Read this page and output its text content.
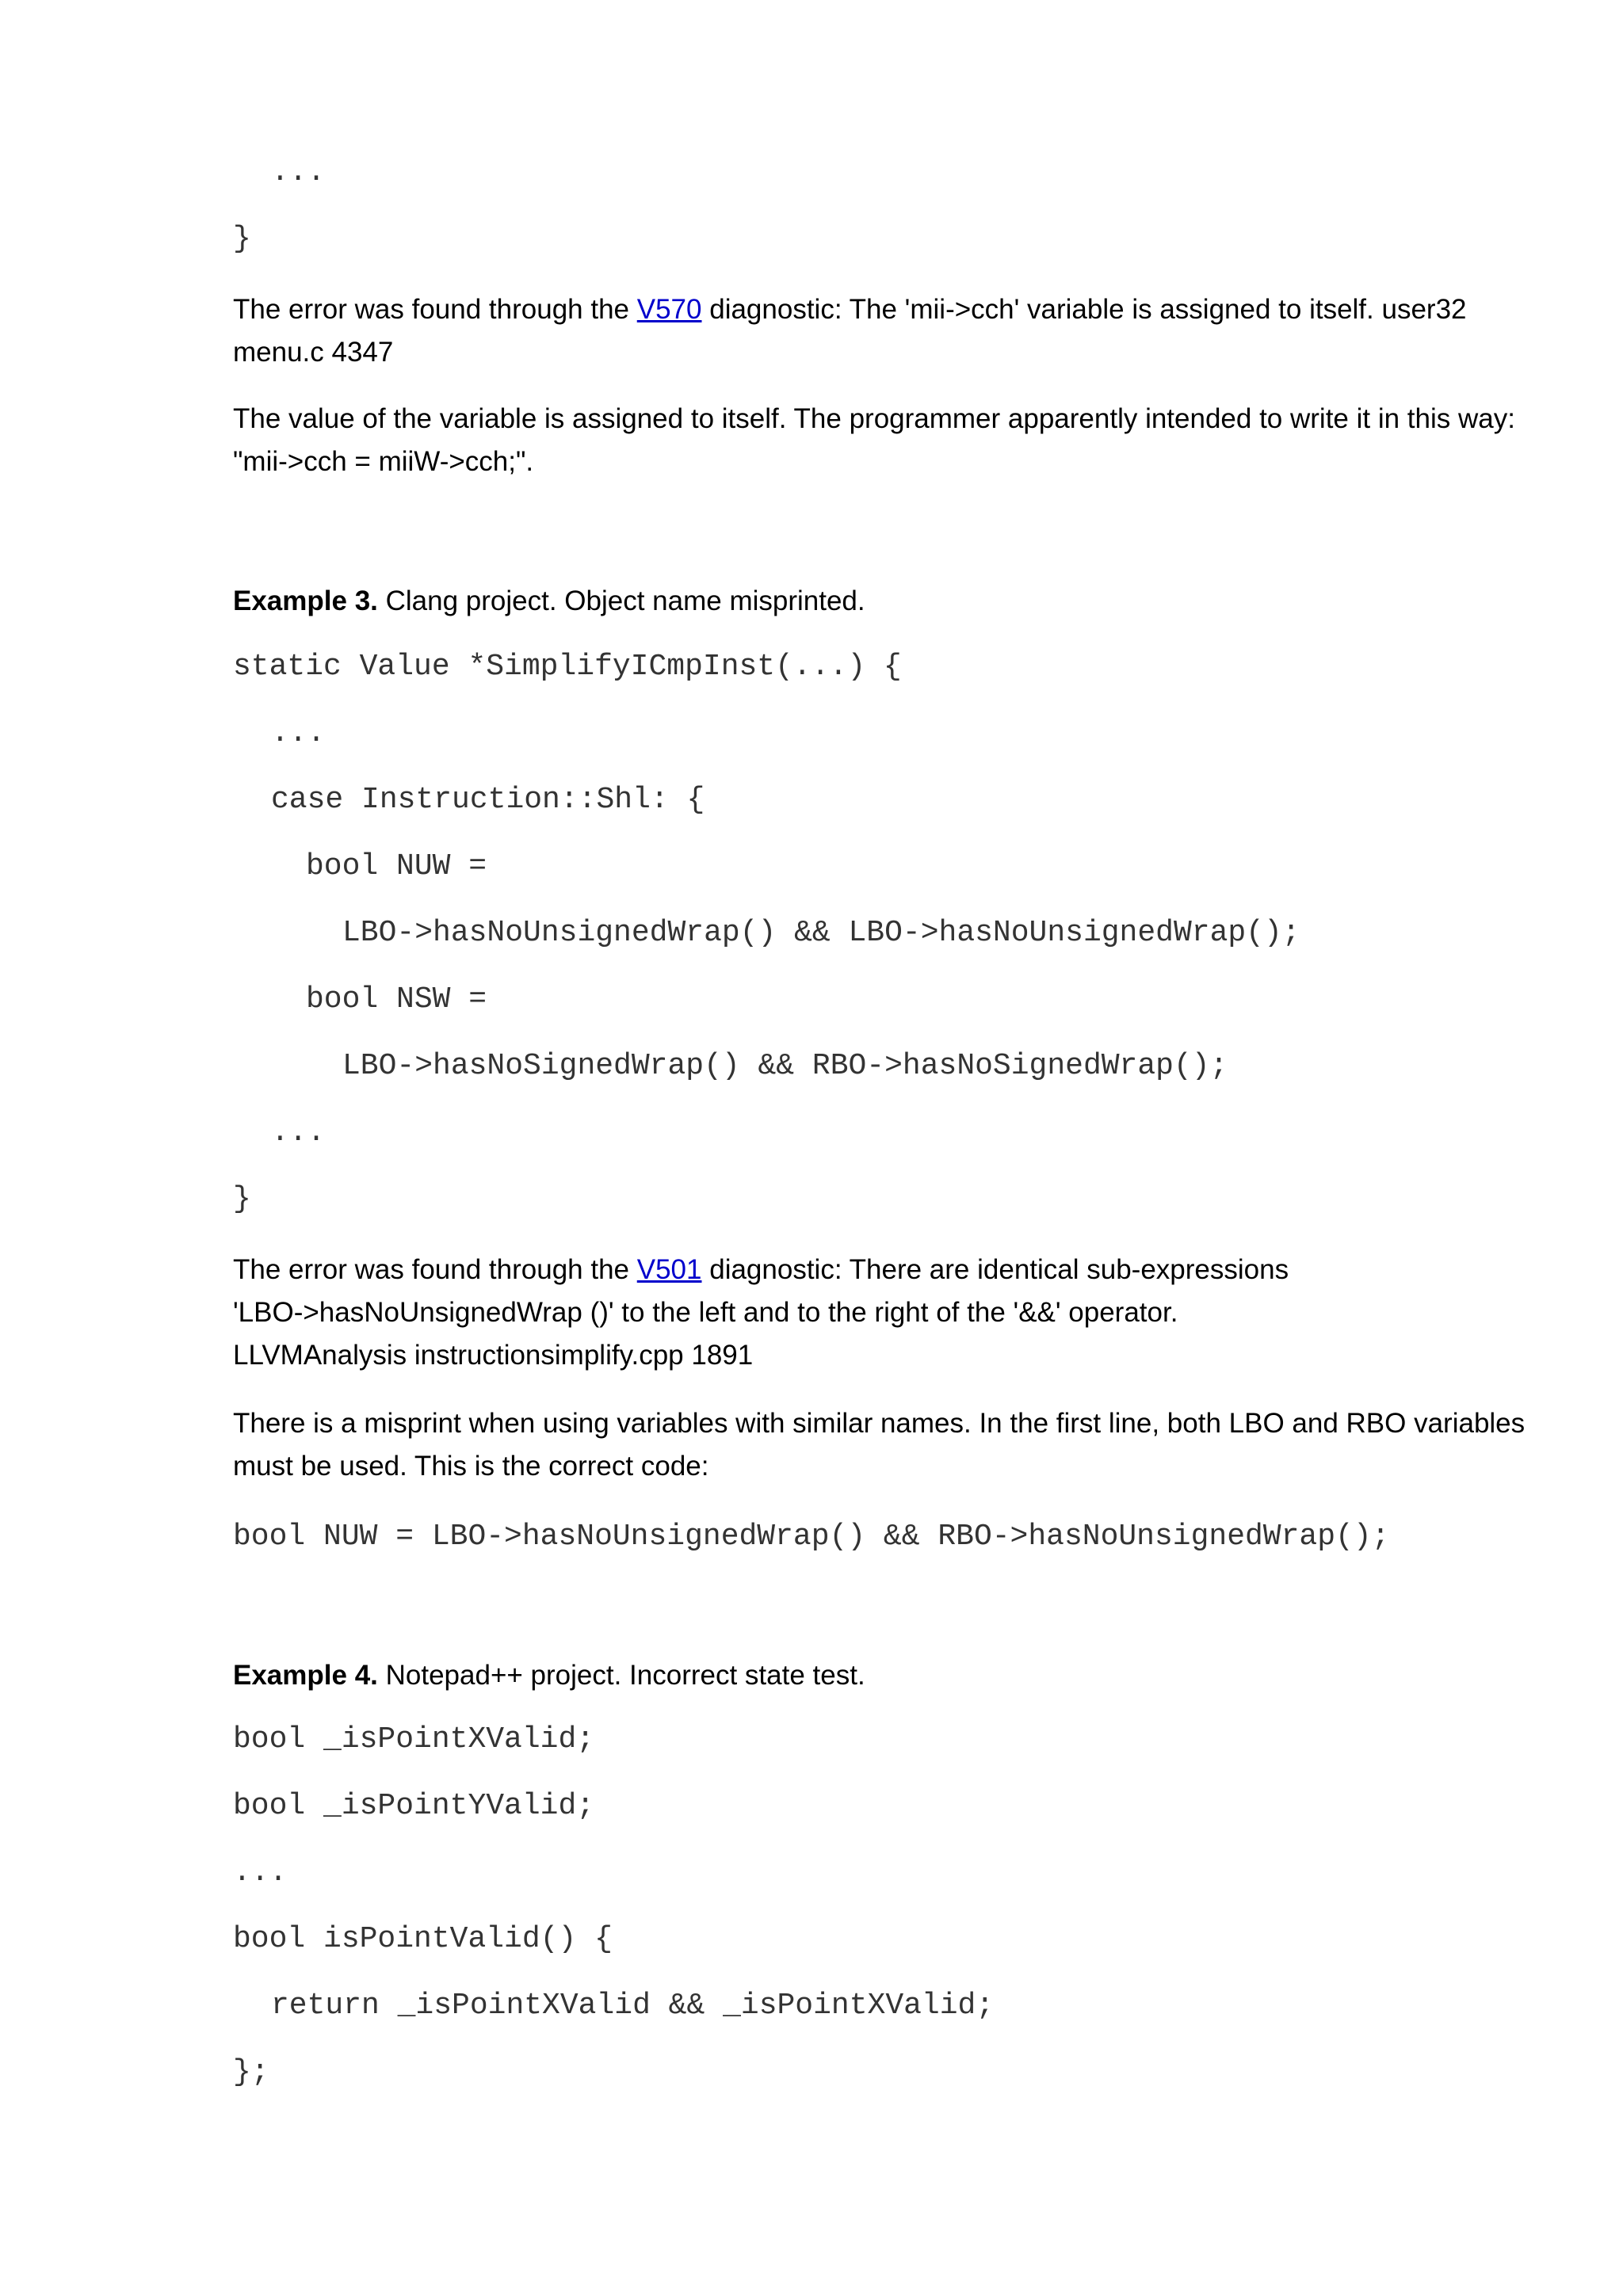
...
}

The error was found through the V570 diagnostic: The 'mii->cch' variable is assigned to itself. user32 menu.c 4347

The value of the variable is assigned to itself. The programmer apparently intended to write it in this way: "mii->cch = miiW->cch;".

Example 3. Clang project. Object name misprinted.

static Value *SimplifyICmpInst(...) {
...
case Instruction::Shl: {
bool NUW =
LBO->hasNoUnsignedWrap() && LBO->hasNoUnsignedWrap();
bool NSW =
LBO->hasNoSignedWrap() && RBO->hasNoSignedWrap();
...
}

The error was found through the V501 diagnostic: There are identical sub-expressions 'LBO->hasNoUnsignedWrap ()' to the left and to the right of the '&&' operator. LLVMAnalysis instructionsimplify.cpp 1891

There is a misprint when using variables with similar names. In the first line, both LBO and RBO variables must be used. This is the correct code:

bool NUW = LBO->hasNoUnsignedWrap() && RBO->hasNoUnsignedWrap();

Example 4. Notepad++ project. Incorrect state test.

bool _isPointXValid;
bool _isPointYValid;
...
bool isPointValid() {
return _isPointXValid && _isPointXValid;
};
